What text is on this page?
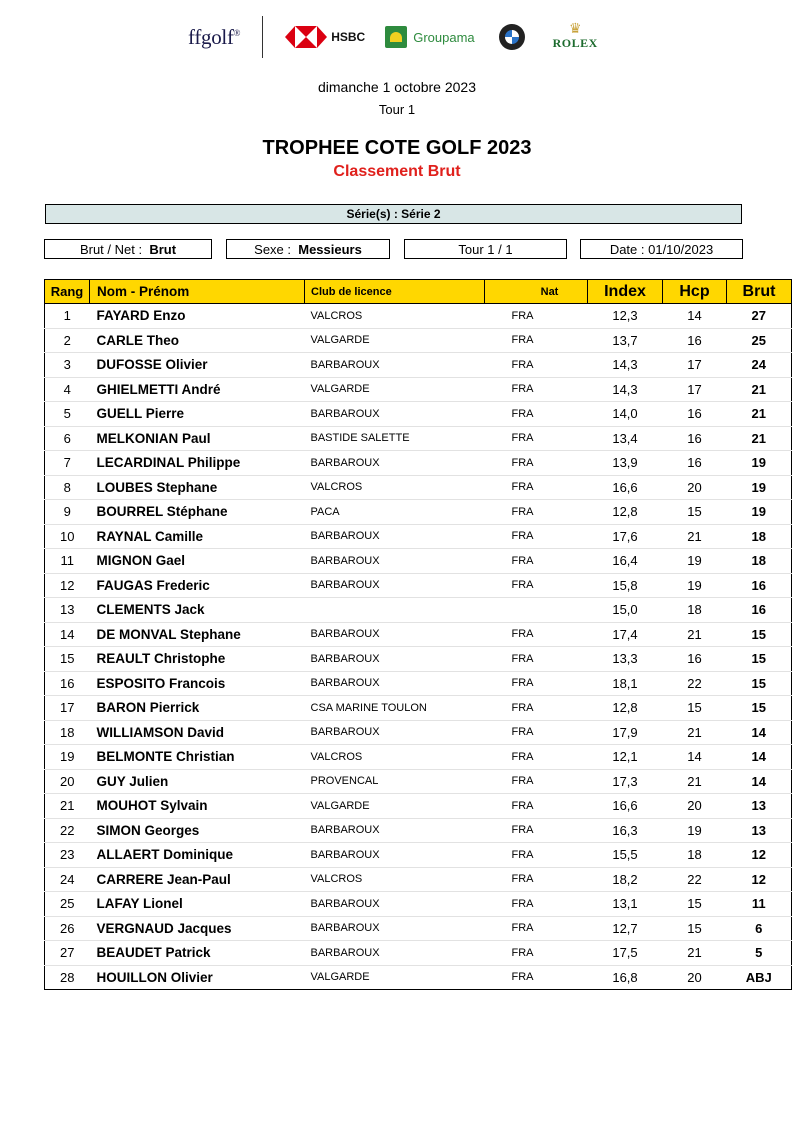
ffgolf®	HSBC	Groupama
♛
ROLEX
dimanche 1 octobre 2023
Tour 1
TROPHEE COTE GOLF 2023
Classement Brut
Série(s) : Série 2
Brut / Net : Brut	Sexe : Messieurs	Tour 1 / 1	Date : 01/10/2023
Rang	Nom - Prénom	Club de licence	Nat	Index	Hcp	Brut
1	FAYARD Enzo	VALCROS	FRA	12,3	14	27
2	CARLE Theo	VALGARDE	FRA	13,7	16	25
3	DUFOSSE Olivier	BARBAROUX	FRA	14,3	17	24
4	GHIELMETTI André	VALGARDE	FRA	14,3	17	21
5	GUELL Pierre	BARBAROUX	FRA	14,0	16	21
6	MELKONIAN Paul	BASTIDE SALETTE	FRA	13,4	16	21
7	LECARDINAL Philippe	BARBAROUX	FRA	13,9	16	19
8	LOUBES Stephane	VALCROS	FRA	16,6	20	19
9	BOURREL Stéphane	PACA	FRA	12,8	15	19
10	RAYNAL Camille	BARBAROUX	FRA	17,6	21	18
11	MIGNON Gael	BARBAROUX	FRA	16,4	19	18
12	FAUGAS Frederic	BARBAROUX	FRA	15,8	19	16
13	CLEMENTS Jack			15,0	18	16
14	DE MONVAL Stephane	BARBAROUX	FRA	17,4	21	15
15	REAULT Christophe	BARBAROUX	FRA	13,3	16	15
16	ESPOSITO Francois	BARBAROUX	FRA	18,1	22	15
17	BARON Pierrick	CSA MARINE TOULON	FRA	12,8	15	15
18	WILLIAMSON David	BARBAROUX	FRA	17,9	21	14
19	BELMONTE Christian	VALCROS	FRA	12,1	14	14
20	GUY Julien	PROVENCAL	FRA	17,3	21	14
21	MOUHOT Sylvain	VALGARDE	FRA	16,6	20	13
22	SIMON Georges	BARBAROUX	FRA	16,3	19	13
23	ALLAERT Dominique	BARBAROUX	FRA	15,5	18	12
24	CARRERE Jean-Paul	VALCROS	FRA	18,2	22	12
25	LAFAY Lionel	BARBAROUX	FRA	13,1	15	11
26	VERGNAUD Jacques	BARBAROUX	FRA	12,7	15	6
27	BEAUDET Patrick	BARBAROUX	FRA	17,5	21	5
28	HOUILLON Olivier	VALGARDE	FRA	16,8	20	ABJ
